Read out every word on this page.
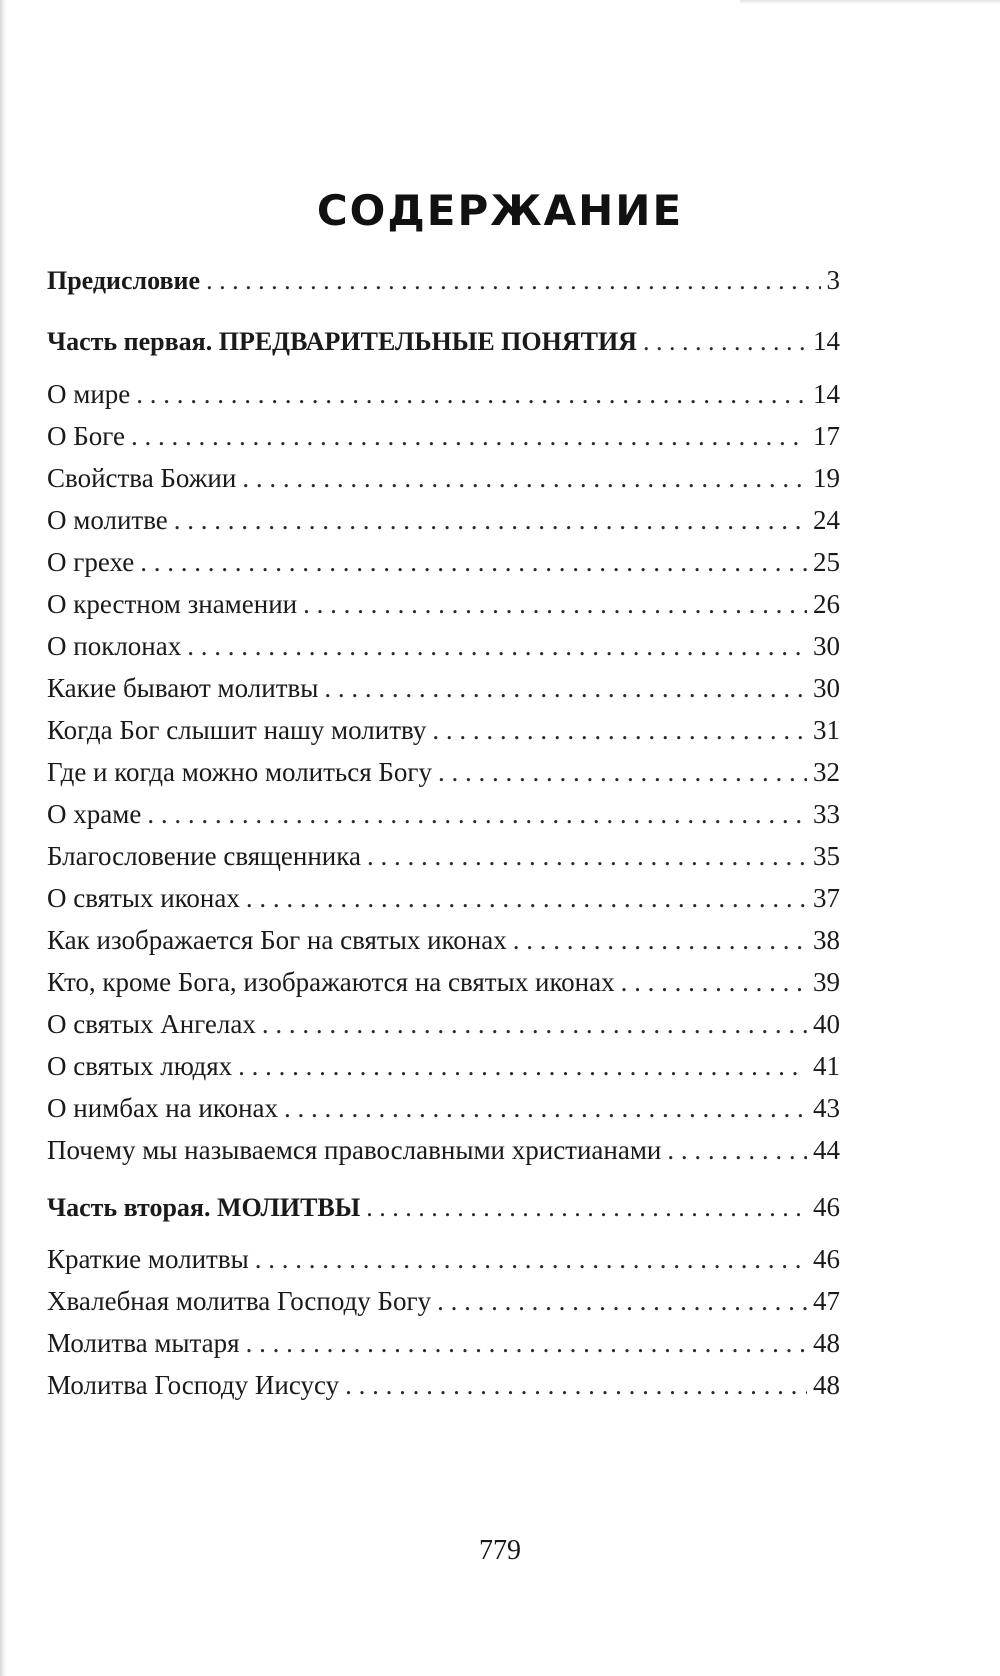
СОДЕРЖАНИЕ
Предисловие . . .	3
Часть первая. ПРЕДВАРИТЕЛЬНЫЕ ПОНЯТИЯ . . .	14
О мире . . .	14
О Боге . . .	17
Свойства Божии . . .	19
О молитве . . .	24
О грехе . . .	25
О крестном знамении . . .	26
О поклонах . . .	30
Какие бывают молитвы . . .	30
Когда Бог слышит нашу молитву . . .	31
Где и когда можно молиться Богу . . .	32
О храме . . .	33
Благословение священника . . .	35
О святых иконах . . .	37
Как изображается Бог на святых иконах . . .	38
Кто, кроме Бога, изображаются на святых иконах . . .	39
О святых Ангелах . . .	40
О святых людях . . .	41
О нимбах на иконах . . .	43
Почему мы называемся православными христианами . . .	44
Часть вторая. МОЛИТВЫ . . .	46
Краткие молитвы . . .	46
Хвалебная молитва Господу Богу . . .	47
Молитва мытаря . . .	48
Молитва Господу Иисусу . . .	48
779
